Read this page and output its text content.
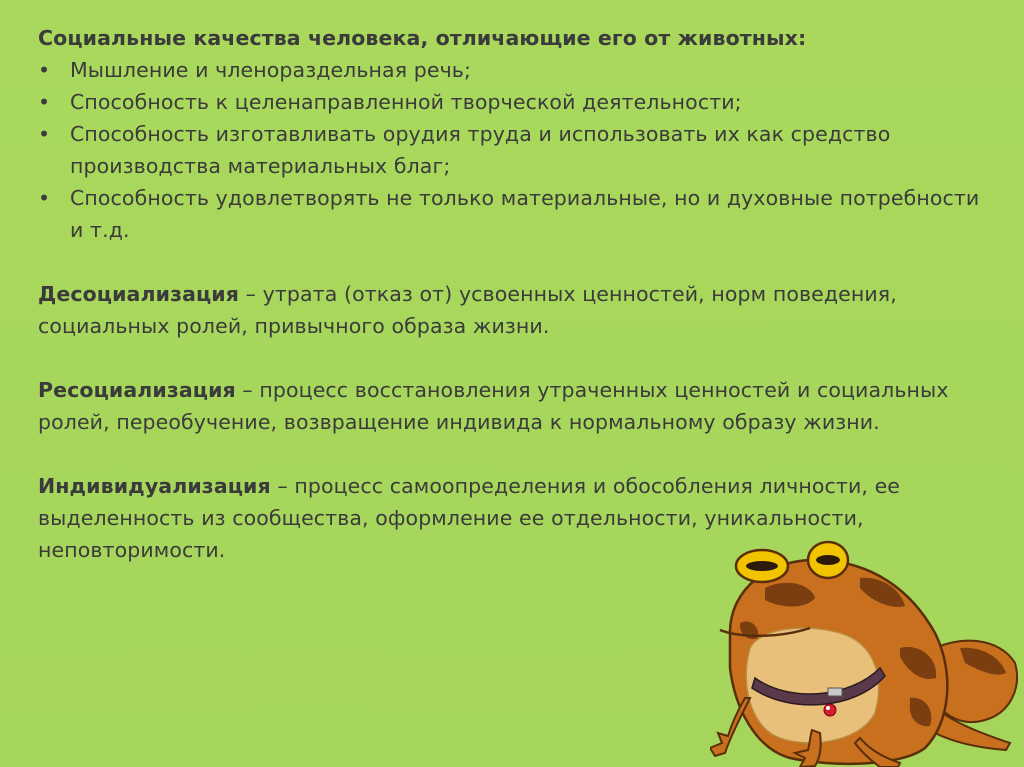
Социальные качества человека, отличающие его от животных:

• Мышление и членораздельная речь;
• Способность к целенаправленной творческой деятельности;
• Способность изготавливать орудия труда и использовать их как средство производства материальных благ;
• Способность удовлетворять не только материальные, но и духовные потребности и т.д.

Десоциализация – утрата (отказ от) усвоенных ценностей, норм поведения, социальных ролей, привычного образа жизни.

Ресоциализация – процесс восстановления утраченных ценностей и социальных ролей, переобучение, возвращение индивида к нормальному образу жизни.

Индивидуализация – процесс самоопределения и обособления личности, ее выделенность из сообщества, оформление ее отдельности, уникальности, неповторимости.
